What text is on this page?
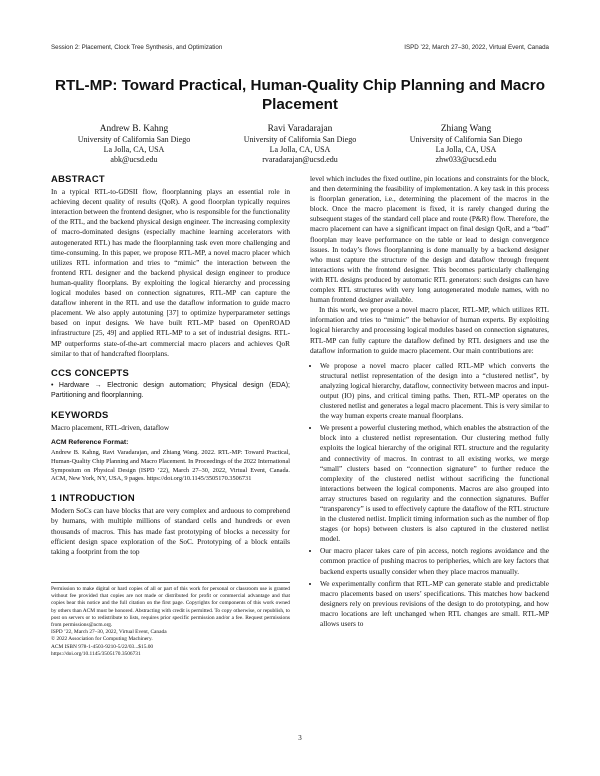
Session 2: Placement, Clock Tree Synthesis, and Optimization	ISPD ’22, March 27–30, 2022, Virtual Event, Canada
RTL-MP: Toward Practical, Human-Quality Chip Planning and Macro Placement
Andrew B. Kahng
University of California San Diego
La Jolla, CA, USA
abk@ucsd.edu
Ravi Varadarajan
University of California San Diego
La Jolla, CA, USA
rvaradarajan@ucsd.edu
Zhiang Wang
University of California San Diego
La Jolla, CA, USA
zhw033@ucsd.edu
ABSTRACT

In a typical RTL-to-GDSII flow, floorplanning plays an essential role in achieving decent quality of results (QoR). A good floorplan typically requires interaction between the frontend designer, who is responsible for the functionality of the RTL, and the backend physical design engineer. The increasing complexity of macro-dominated designs (especially machine learning accelerators with autogenerated RTL) has made the floorplanning task even more challenging and time-consuming. In this paper, we propose RTL-MP, a novel macro placer which utilizes RTL information and tries to “mimic” the interaction between the frontend RTL designer and the backend physical design engineer to produce human-quality floorplans. By exploiting the logical hierarchy and processing logical modules based on connection signatures, RTL-MP can capture the dataflow inherent in the RTL and use the dataflow information to guide macro placement. We also apply autotuning [37] to optimize hyperparameter settings based on input designs. We have built RTL-MP based on OpenROAD infrastructure [25, 49] and applied RTL-MP to a set of industrial designs. RTL-MP outperforms state-of-the-art commercial macro placers and achieves QoR similar to that of handcrafted floorplans.

CCS CONCEPTS

• Hardware → Electronic design automation; Physical design (EDA); Partitioning and floorplanning.

KEYWORDS

Macro placement, RTL-driven, dataflow

ACM Reference Format:

Andrew B. Kahng, Ravi Varadarajan, and Zhiang Wang. 2022. RTL-MP: Toward Practical, Human-Quality Chip Planning and Macro Placement. In Proceedings of the 2022 International Symposium on Physical Design (ISPD ’22), March 27–30, 2022, Virtual Event, Canada. ACM, New York, NY, USA, 9 pages. https://doi.org/10.1145/3505170.3506731

1 INTRODUCTION

Modern SoCs can have blocks that are very complex and arduous to comprehend by humans, with multiple millions of standard cells and hundreds or even thousands of macros. This has made fast prototyping of blocks a necessity for efficient design space exploration of the SoC. Prototyping of a block entails taking a footprint from the top

Permission to make digital or hard copies of all or part of this work for personal or classroom use is granted without fee provided that copies are not made or distributed for profit or commercial advantage and that copies bear this notice and the full citation on the first page. Copyrights for components of this work owned by others than ACM must be honored. Abstracting with credit is permitted. To copy otherwise, or republish, to post on servers or to redistribute to lists, requires prior specific permission and/or a fee. Request permissions from permissions@acm.org.

ISPD ’22, March 27–30, 2022, Virtual Event, Canada

© 2022 Association for Computing Machinery.

ACM ISBN 978-1-4503-9210-5/22/03...$15.00

https://doi.org/10.1145/3505170.3506731

level which includes the fixed outline, pin locations and constraints for the block, and then determining the feasibility of implementation. A key task in this process is floorplan generation, i.e., determining the placement of the macros in the block. Once the macro placement is fixed, it is rarely changed during the subsequent stages of the standard cell place and route (P&R) flow. Therefore, the macro placement can have a significant impact on final design QoR, and a “bad” floorplan may leave performance on the table or lead to design convergence issues. In today’s flows floorplanning is done manually by a backend designer who must capture the structure of the design and dataflow through frequent interactions with the frontend designer. This becomes particularly challenging with RTL designs produced by automatic RTL generators: such designs can have complex RTL structures with very long autogenerated module names, with no human frontend designer available.

In this work, we propose a novel macro placer, RTL-MP, which utilizes RTL information and tries to “mimic” the behavior of human experts. By exploiting logical hierarchy and processing logical modules based on connection signatures, RTL-MP can fully capture the dataflow defined by RTL designers and use the dataflow information to guide macro placement. Our main contributions are:

• We propose a novel macro placer called RTL-MP which converts the structural netlist representation of the design into a “clustered netlist”, by analyzing logical hierarchy, dataflow, connectivity between macros and input-output (IO) pins, and critical timing paths. Then, RTL-MP operates on the clustered netlist and generates a legal macro placement. This is very similar to the way human experts create manual floorplans.
• We present a powerful clustering method, which enables the abstraction of the block into a clustered netlist representation. Our clustering method fully exploits the logical hierarchy of the original RTL structure and the regularity and connectivity of macros. In contrast to all existing works, we merge “small” clusters based on “connection signature” to further reduce the complexity of the clustered netlist without sacrificing the functional interactions between the logical components. Macros are also grouped into array structures based on regularity and the connection signatures. Buffer “transparency” is used to effectively capture the dataflow of the RTL structure in the clustered netlist. Implicit timing information such as the number of flop stages (or hops) between clusters is also captured in the clustered netlist model.
• Our macro placer takes care of pin access, notch regions avoidance and the common practice of pushing macros to peripheries, which are key factors that backend experts usually consider when they place macros manually.
• We experimentally confirm that RTL-MP can generate stable and predictable macro placements based on users’ specifications. This matches how backend designers rely on previous revisions of the design to do prototyping, and how macro locations are left unchanged when RTL changes are small. RTL-MP allows users to
3
